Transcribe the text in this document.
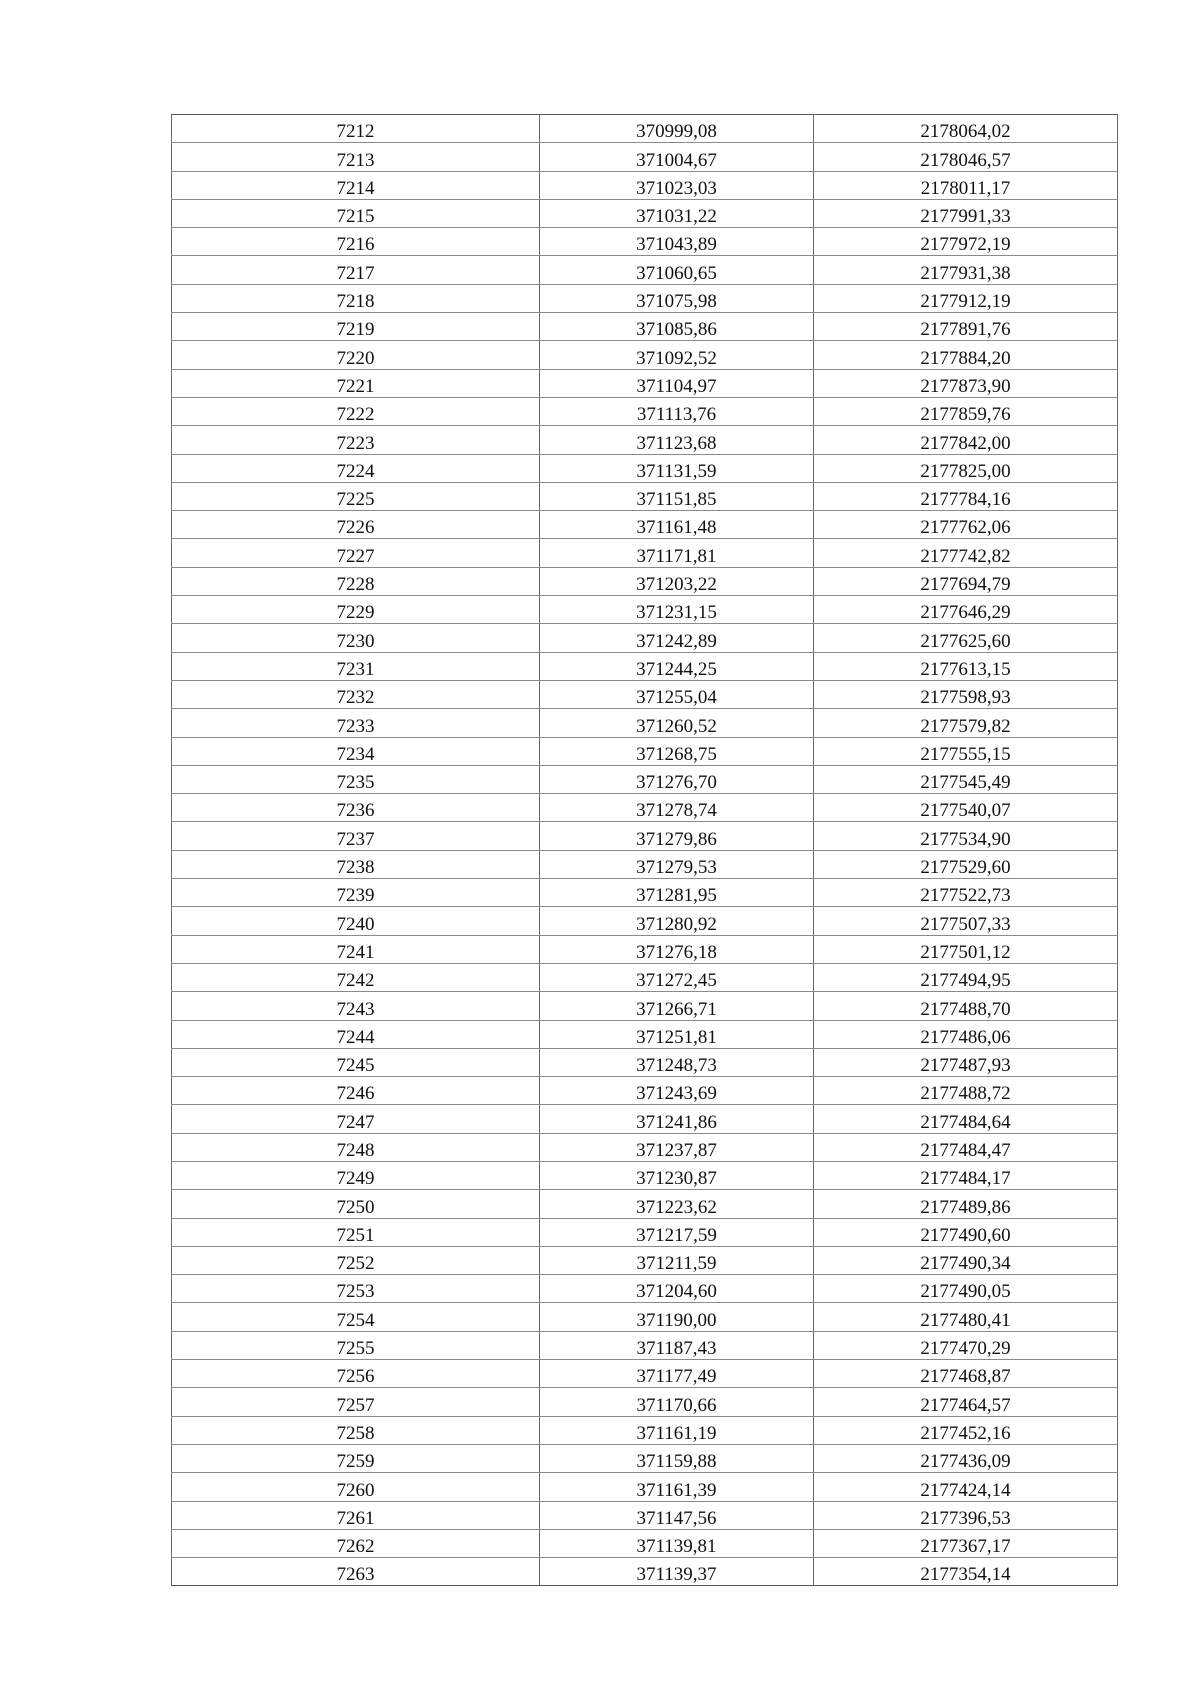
7212	370999,08	2178064,02
7213	371004,67	2178046,57
7214	371023,03	2178011,17
7215	371031,22	2177991,33
7216	371043,89	2177972,19
7217	371060,65	2177931,38
7218	371075,98	2177912,19
7219	371085,86	2177891,76
7220	371092,52	2177884,20
7221	371104,97	2177873,90
7222	371113,76	2177859,76
7223	371123,68	2177842,00
7224	371131,59	2177825,00
7225	371151,85	2177784,16
7226	371161,48	2177762,06
7227	371171,81	2177742,82
7228	371203,22	2177694,79
7229	371231,15	2177646,29
7230	371242,89	2177625,60
7231	371244,25	2177613,15
7232	371255,04	2177598,93
7233	371260,52	2177579,82
7234	371268,75	2177555,15
7235	371276,70	2177545,49
7236	371278,74	2177540,07
7237	371279,86	2177534,90
7238	371279,53	2177529,60
7239	371281,95	2177522,73
7240	371280,92	2177507,33
7241	371276,18	2177501,12
7242	371272,45	2177494,95
7243	371266,71	2177488,70
7244	371251,81	2177486,06
7245	371248,73	2177487,93
7246	371243,69	2177488,72
7247	371241,86	2177484,64
7248	371237,87	2177484,47
7249	371230,87	2177484,17
7250	371223,62	2177489,86
7251	371217,59	2177490,60
7252	371211,59	2177490,34
7253	371204,60	2177490,05
7254	371190,00	2177480,41
7255	371187,43	2177470,29
7256	371177,49	2177468,87
7257	371170,66	2177464,57
7258	371161,19	2177452,16
7259	371159,88	2177436,09
7260	371161,39	2177424,14
7261	371147,56	2177396,53
7262	371139,81	2177367,17
7263	371139,37	2177354,14
